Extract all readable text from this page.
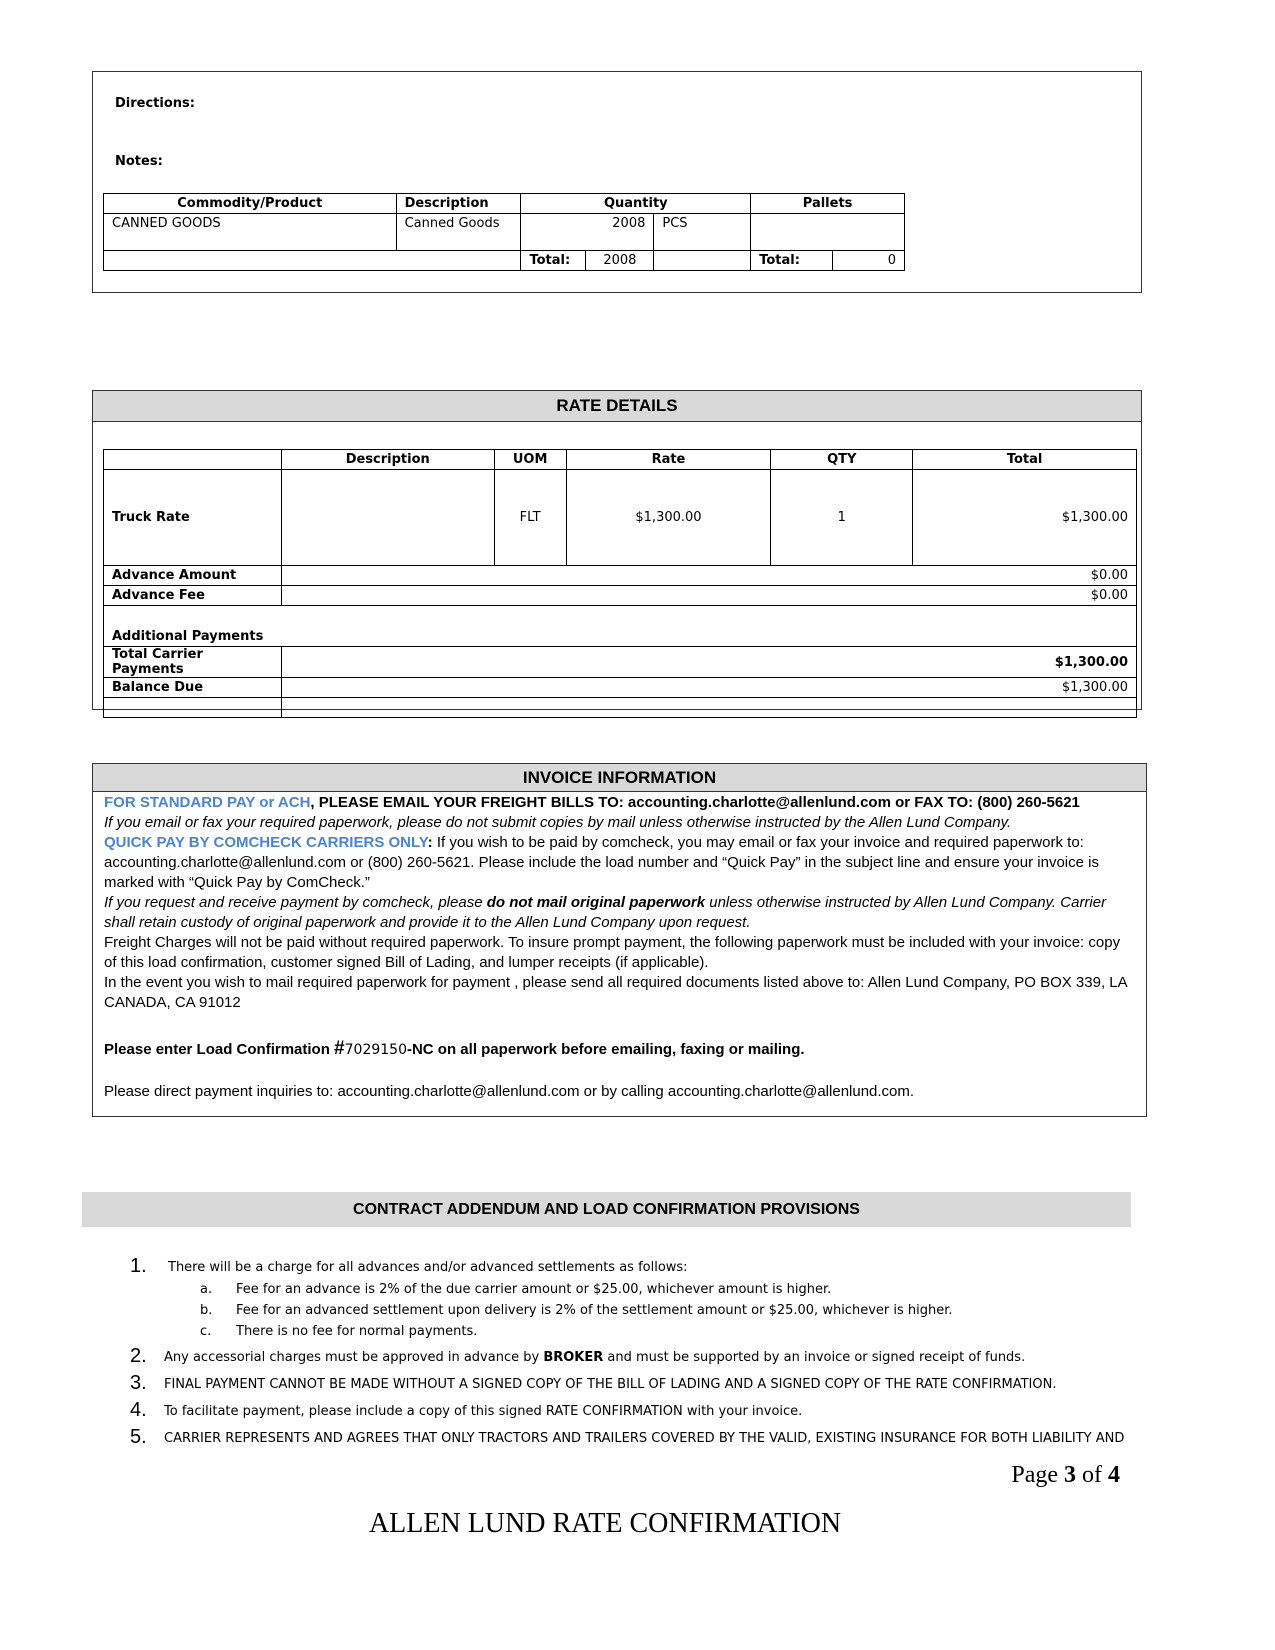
Directions:
Notes:
Commodity/Product	Description	Quantity			Pallets	
CANNED GOODS	Canned Goods	2008		PCS		
		Total:	2008		Total:	0
RATE DETAILS
	Description	UOM	Rate	QTY	Total
Truck Rate		FLT	$1,300.00	1	$1,300.00
Advance Amount	$0.00				
Advance Fee	$0.00				
Additional Payments					
Total Carrier Payments	$1,300.00				
Balance Due	$1,300.00				

INVOICE INFORMATION

FOR STANDARD PAY or ACH, PLEASE EMAIL YOUR FREIGHT BILLS TO: accounting.charlotte@allenlund.com or FAX TO: (800) 260-5621

If you email or fax your required paperwork, please do not submit copies by mail unless otherwise instructed by the Allen Lund Company.

QUICK PAY BY COMCHECK CARRIERS ONLY: If you wish to be paid by comcheck, you may email or fax your invoice and required paperwork to: accounting.charlotte@allenlund.com or (800) 260-5621. Please include the load number and “Quick Pay” in the subject line and ensure your invoice is marked with “Quick Pay by ComCheck.”

If you request and receive payment by comcheck, please do not mail original paperwork unless otherwise instructed by Allen Lund Company. Carrier shall retain custody of original paperwork and provide it to the Allen Lund Company upon request.

Freight Charges will not be paid without required paperwork. To insure prompt payment, the following paperwork must be included with your invoice: copy of this load confirmation, customer signed Bill of Lading, and lumper receipts (if applicable).

In the event you wish to mail required paperwork for payment , please send all required documents listed above to: Allen Lund Company, PO BOX 339, LA CANADA, CA 91012

Please enter Load Confirmation #7029150-NC on all paperwork before emailing, faxing or mailing.

Please direct payment inquiries to: accounting.charlotte@allenlund.com or by calling accounting.charlotte@allenlund.com.

CONTRACT ADDENDUM AND LOAD CONFIRMATION PROVISIONS
1. There will be a charge for all advances and/or advanced settlements as follows:
a. Fee for an advance is 2% of the due carrier amount or $25.00, whichever amount is higher.
b. Fee for an advanced settlement upon delivery is 2% of the settlement amount or $25.00, whichever is higher.
c. There is no fee for normal payments.
2. Any accessorial charges must be approved in advance by BROKER and must be supported by an invoice or signed receipt of funds.
3. FINAL PAYMENT CANNOT BE MADE WITHOUT A SIGNED COPY OF THE BILL OF LADING AND A SIGNED COPY OF THE RATE CONFIRMATION.
4. To facilitate payment, please include a copy of this signed RATE CONFIRMATION with your invoice.
5. CARRIER REPRESENTS AND AGREES THAT ONLY TRACTORS AND TRAILERS COVERED BY THE VALID, EXISTING INSURANCE FOR BOTH LIABILITY AND
Page 3 of 4
ALLEN LUND RATE CONFIRMATION
